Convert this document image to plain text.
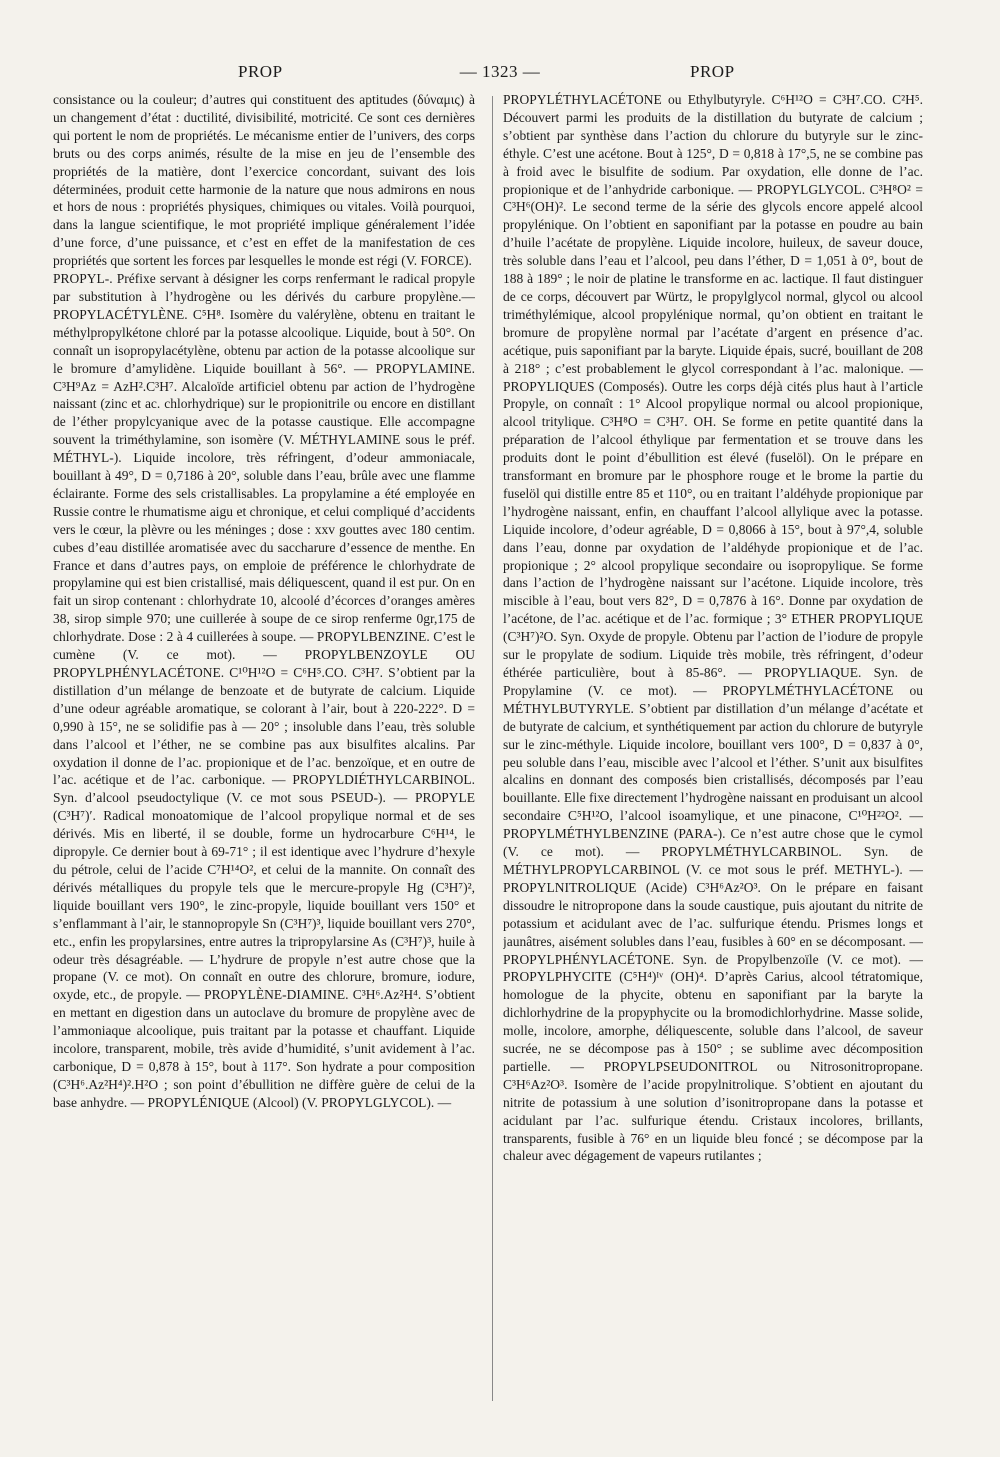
PROP	— 1323 —	PROP

consistance ou la couleur; d’autres qui constituent des aptitudes (δύναμις) à un changement d’état : ductilité, divisibilité, motricité. Ce sont ces dernières qui portent le nom de propriétés. Le mécanisme entier de l’univers, des corps bruts ou des corps animés, résulte de la mise en jeu de l’ensemble des propriétés de la matière, dont l’exercice concordant, suivant des lois déterminées, produit cette harmonie de la nature que nous admirons en nous et hors de nous : propriétés physiques, chimiques ou vitales. Voilà pourquoi, dans la langue scientifique, le mot propriété implique généralement l’idée d’une force, d’une puissance, et c’est en effet de la manifestation de ces propriétés que sortent les forces par lesquelles le monde est régi (V. FORCE).

PROPYL-. Préfixe servant à désigner les corps renfermant le radical propyle par substitution à l’hydrogène ou les dérivés du carbure propylène.— PROPYLACÉTYLÈNE. C⁵H⁸. Isomère du valérylène, obtenu en traitant le méthylpropylkétone chloré par la potasse alcoolique. Liquide, bout à 50°. On connaît un isopropylacétylène, obtenu par action de la potasse alcoolique sur le bromure d’amylidène. Liquide bouillant à 56°. — PROPYLAMINE. C³H⁹Az = AzH².C³H⁷. Alcaloïde artificiel obtenu par action de l’hydrogène naissant (zinc et ac. chlorhydrique) sur le propionitrile ou encore en distillant de l’éther propylcyanique avec de la potasse caustique. Elle accompagne souvent la triméthylamine, son isomère (V. MÉTHYLAMINE sous le préf. MÉTHYL-). Liquide incolore, très réfringent, d’odeur ammoniacale, bouillant à 49°, D = 0,7186 à 20°, soluble dans l’eau, brûle avec une flamme éclairante. Forme des sels cristallisables. La propylamine a été employée en Russie contre le rhumatisme aigu et chronique, et celui compliqué d’accidents vers le cœur, la plèvre ou les méninges ; dose : xxv gouttes avec 180 centim. cubes d’eau distillée aromatisée avec du saccharure d’essence de menthe. En France et dans d’autres pays, on emploie de préférence le chlorhydrate de propylamine qui est bien cristallisé, mais déliquescent, quand il est pur. On en fait un sirop contenant : chlorhydrate 10, alcoolé d’écorces d’oranges amères 38, sirop simple 970; une cuillerée à soupe de ce sirop renferme 0gr,175 de chlorhydrate. Dose : 2 à 4 cuillerées à soupe. — PROPYLBENZINE. C’est le cumène (V. ce mot). — PROPYLBENZOYLE OU PROPYLPHÉNYLACÉTONE. C¹⁰H¹²O = C⁶H⁵.CO. C³H⁷. S’obtient par la distillation d’un mélange de benzoate et de butyrate de calcium. Liquide d’une odeur agréable aromatique, se colorant à l’air, bout à 220-222°. D = 0,990 à 15°, ne se solidifie pas à — 20° ; insoluble dans l’eau, très soluble dans l’alcool et l’éther, ne se combine pas aux bisulfites alcalins. Par oxydation il donne de l’ac. propionique et de l’ac. benzoïque, et en outre de l’ac. acétique et de l’ac. carbonique. — PROPYLDIÉTHYLCARBINOL. Syn. d’alcool pseudoctylique (V. ce mot sous PSEUD-). — PROPYLE (C³H⁷)′. Radical monoatomique de l’alcool propylique normal et de ses dérivés. Mis en liberté, il se double, forme un hydrocarbure C⁶H¹⁴, le dipropyle. Ce dernier bout à 69-71° ; il est identique avec l’hydrure d’hexyle du pétrole, celui de l’acide C⁷H¹⁴O², et celui de la mannite. On connaît des dérivés métalliques du propyle tels que le mercure-propyle Hg (C³H⁷)², liquide bouillant vers 190°, le zinc-propyle, liquide bouillant vers 150° et s’enflammant à l’air, le stannopropyle Sn (C³H⁷)³, liquide bouillant vers 270°, etc., enfin les propylarsines, entre autres la tripropylarsine As (C³H⁷)³, huile à odeur très désagréable. — L’hydrure de propyle n’est autre chose que la propane (V. ce mot). On connaît en outre des chlorure, bromure, iodure, oxyde, etc., de propyle. — PROPYLÈNE-DIAMINE. C³H⁶.Az²H⁴. S’obtient en mettant en digestion dans un autoclave du bromure de propylène avec de l’ammoniaque alcoolique, puis traitant par la potasse et chauffant. Liquide incolore, transparent, mobile, très avide d’humidité, s’unit avidement à l’ac. carbonique, D = 0,878 à 15°, bout à 117°. Son hydrate a pour composition (C³H⁶.Az²H⁴)².H²O ; son point d’ébullition ne diffère guère de celui de la base anhydre. — PROPYLÉNIQUE (Alcool) (V. PROPYLGLYCOL). —

PROPYLÉTHYLACÉTONE ou Ethylbutyryle. C⁶H¹²O = C³H⁷.CO. C²H⁵. Découvert parmi les produits de la distillation du butyrate de calcium ; s’obtient par synthèse dans l’action du chlorure du butyryle sur le zinc-éthyle. C’est une acétone. Bout à 125°, D = 0,818 à 17°,5, ne se combine pas à froid avec le bisulfite de sodium. Par oxydation, elle donne de l’ac. propionique et de l’anhydride carbonique. — PROPYLGLYCOL. C³H⁸O² = C³H⁶(OH)². Le second terme de la série des glycols encore appelé alcool propylénique. On l’obtient en saponifiant par la potasse en poudre au bain d’huile l’acétate de propylène. Liquide incolore, huileux, de saveur douce, très soluble dans l’eau et l’alcool, peu dans l’éther, D = 1,051 à 0°, bout de 188 à 189° ; le noir de platine le transforme en ac. lactique. Il faut distinguer de ce corps, découvert par Würtz, le propylglycol normal, glycol ou alcool triméthylémique, alcool propylénique normal, qu’on obtient en traitant le bromure de propylène normal par l’acétate d’argent en présence d’ac. acétique, puis saponifiant par la baryte. Liquide épais, sucré, bouillant de 208 à 218° ; c’est probablement le glycol correspondant à l’ac. malonique. — PROPYLIQUES (Composés). Outre les corps déjà cités plus haut à l’article Propyle, on connaît : 1° Alcool propylique normal ou alcool propionique, alcool tritylique. C³H⁸O = C³H⁷. OH. Se forme en petite quantité dans la préparation de l’alcool éthylique par fermentation et se trouve dans les produits dont le point d’ébullition est élevé (fuselöl). On le prépare en transformant en bromure par le phosphore rouge et le brome la partie du fuselöl qui distille entre 85 et 110°, ou en traitant l’aldéhyde propionique par l’hydrogène naissant, enfin, en chauffant l’alcool allylique avec la potasse. Liquide incolore, d’odeur agréable, D = 0,8066 à 15°, bout à 97°,4, soluble dans l’eau, donne par oxydation de l’aldéhyde propionique et de l’ac. propionique ; 2° alcool propylique secondaire ou isopropylique. Se forme dans l’action de l’hydrogène naissant sur l’acétone. Liquide incolore, très miscible à l’eau, bout vers 82°, D = 0,7876 à 16°. Donne par oxydation de l’acétone, de l’ac. acétique et de l’ac. formique ; 3° ETHER PROPYLIQUE (C³H⁷)²O. Syn. Oxyde de propyle. Obtenu par l’action de l’iodure de propyle sur le propylate de sodium. Liquide très mobile, très réfringent, d’odeur éthérée particulière, bout à 85-86°. — PROPYLIAQUE. Syn. de Propylamine (V. ce mot). — PROPYLMÉTHYLACÉTONE ou MÉTHYLBUTYRYLE. S’obtient par distillation d’un mélange d’acétate et de butyrate de calcium, et synthétiquement par action du chlorure de butyryle sur le zinc-méthyle. Liquide incolore, bouillant vers 100°, D = 0,837 à 0°, peu soluble dans l’eau, miscible avec l’alcool et l’éther. S’unit aux bisulfites alcalins en donnant des composés bien cristallisés, décomposés par l’eau bouillante. Elle fixe directement l’hydrogène naissant en produisant un alcool secondaire C⁵H¹²O, l’alcool isoamylique, et une pinacone, C¹⁰H²²O². — PROPYLMÉTHYLBENZINE (PARA-). Ce n’est autre chose que le cymol (V. ce mot). — PROPYLMÉTHYLCARBINOL. Syn. de MÉTHYLPROPYLCARBINOL (V. ce mot sous le préf. METHYL-). — PROPYLNITROLIQUE (Acide) C³H⁶Az²O³. On le prépare en faisant dissoudre le nitropropone dans la soude caustique, puis ajoutant du nitrite de potassium et acidulant avec de l’ac. sulfurique étendu. Prismes longs et jaunâtres, aisément solubles dans l’eau, fusibles à 60° en se décomposant. — PROPYLPHÉNYLACÉTONE. Syn. de Propylbenzoïle (V. ce mot). — PROPYLPHYCITE (C⁵H⁴)ᴵᵛ (OH)⁴. D’après Carius, alcool tétratomique, homologue de la phycite, obtenu en saponifiant par la baryte la dichlorhydrine de la propyphycite ou la bromodichlorhydrine. Masse solide, molle, incolore, amorphe, déliquescente, soluble dans l’alcool, de saveur sucrée, ne se décompose pas à 150° ; se sublime avec décomposition partielle. — PROPYLPSEUDONITROL ou Nitrosonitropropane. C³H⁶Az²O³. Isomère de l’acide propylnitrolique. S’obtient en ajoutant du nitrite de potassium à une solution d’isonitropropane dans la potasse et acidulant par l’ac. sulfurique étendu. Cristaux incolores, brillants, transparents, fusible à 76° en un liquide bleu foncé ; se décompose par la chaleur avec dégagement de vapeurs rutilantes ;
